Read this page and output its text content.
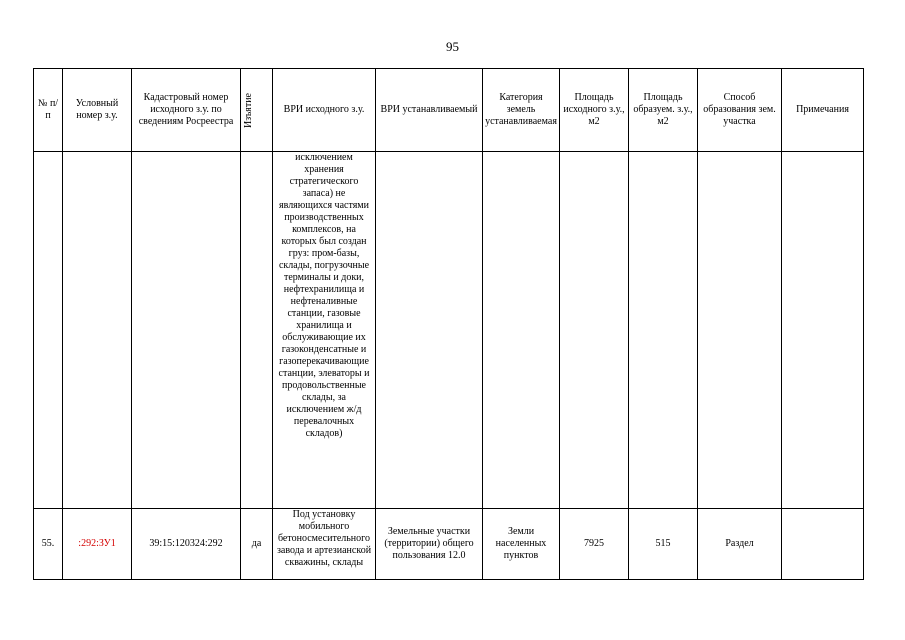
95
№ п/п	Условный номер з.у.	Кадастровый номер исходного з.у. по сведениям Росреестра	Изъятие	ВРИ исходного з.у.	ВРИ устанавливаемый	Категория земель устанавливаемая	Площадь исходного з.у., м2	Площадь образуем. з.у., м2	Способ образования зем. участка	Примечания
				исключением хранения стратегического запаса) не являющихся частями производственных комплексов, на которых был создан груз: пром-базы, склады, погрузочные терминалы и доки, нефтехранилища и нефтеналивные станции, газовые хранилища и обслуживающие их газоконденсатные и газоперекачивающие станции, элеваторы и продовольственные склады, за исключением ж/д перевалочных складов)						
55.	:292:ЗУ1	39:15:120324:292	да	Под установку мобильного бетоносмесительного завода и артезианской скважины, склады	Земельные участки (территории) общего пользования 12.0	Земли населенных пунктов	7925	515	Раздел	
